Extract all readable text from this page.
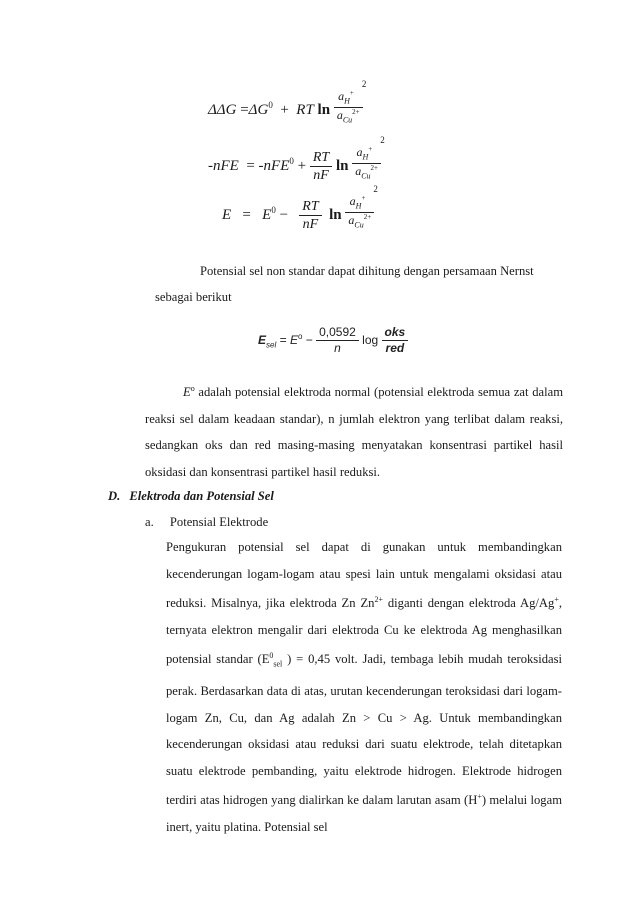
$\Delta\Delta G =\Delta G^0$ + RT $\ln \frac{a_H^{+2}}{a_{Cu}^{2+}}$
$-nFE = -nFE^0 + \frac{RT}{nF}$ $\ln \frac{a_H^{+2}}{a_{Cu}^{2+}}$
$E = E^0 - \frac{RT}{nF}$ $\ln \frac{a_H^{+2}}{a_{Cu}^{2+}}$
Potensial sel non standar dapat dihitung dengan persamaan Nernst
sebagai berikut
$E_{sel} = E^o - \frac{0,0592}{n}$ $\log \frac{\text{oks}}{\text{red}}$
$E^o$ adalah potensial elektroda normal (potensial elektroda semua zat dalam reaksi sel dalam keadaan standar), n jumlah elektron yang terlibat dalam reaksi, sedangkan oks dan red masing-masing menyatakan konsentrasi partikel hasil oksidasi dan konsentrasi partikel hasil reduksi.
D. Elektroda dan Potensial Sel
a. Potensial Elektrode
Pengukuran potensial sel dapat di gunakan untuk membandingkan kecenderungan logam-logam atau spesi lain untuk mengalami oksidasi atau reduksi. Misalnya, jika elektroda Zn $Zn^{2+}$ diganti dengan elektroda Ag/Ag+, ternyata elektron mengalir dari elektroda Cu ke elektroda Ag menghasilkan potensial standar ($E^0_{sel}$ ) = 0,45 volt. Jadi, tembaga lebih mudah teroksidasi perak. Berdasarkan data di atas, urutan kecenderungan teroksidasi dari logam-logam Zn, Cu, dan Ag adalah Zn > Cu > Ag. Untuk membandingkan kecenderungan oksidasi atau reduksi dari suatu elektrode, telah ditetapkan suatu elektrode pembanding, yaitu elektrode hidrogen. Elektrode hidrogen terdiri atas hidrogen yang dialirkan ke dalam larutan asam (H+) melalui logam inert, yaitu platina. Potensial sel
